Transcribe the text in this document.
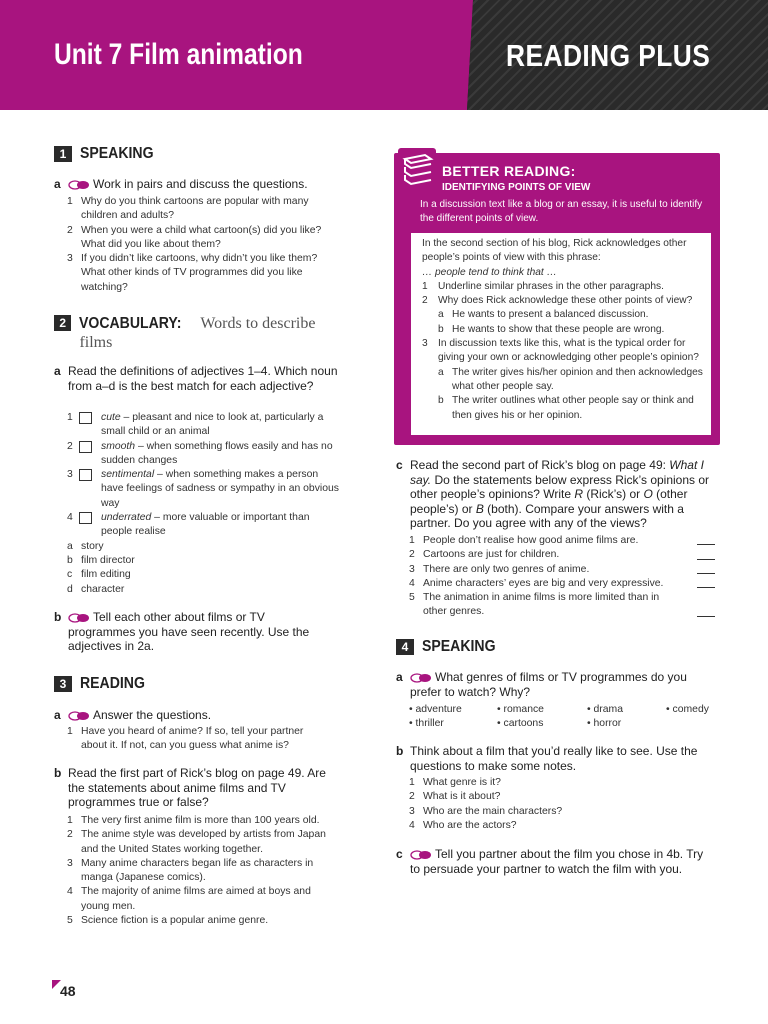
Unit 7 Film animation	READING PLUS
1 SPEAKING
a	Work in pairs and discuss the questions.
1 Why do you think cartoons are popular with many children and adults?
2 When you were a child what cartoon(s) did you like? What did you like about them?
3 If you didn’t like cartoons, why didn’t you like them? What other kinds of TV programmes did you like watching?
2 VOCABULARY: Words to describe films
a Read the definitions of adjectives 1–4. Which noun from a–d is the best match for each adjective?
1	cute – pleasant and nice to look at, particularly a small child or an animal
2	smooth – when something flows easily and has no sudden changes
3	sentimental – when something makes a person have feelings of sadness or sympathy in an obvious way
4	underrated – more valuable or important than people realise
a story
b film director
c film editing
d character
b	Tell each other about films or TV programmes you have seen recently. Use the adjectives in 2a.
3 READING
a	Answer the questions.
1 Have you heard of anime? If so, tell your partner about it. If not, can you guess what anime is?
b Read the first part of Rick’s blog on page 49. Are the statements about anime films and TV programmes true or false?
1 The very first anime film is more than 100 years old.
2 The anime style was developed by artists from Japan and the United States working together.
3 Many anime characters began life as characters in manga (Japanese comics).
4 The majority of anime films are aimed at boys and young men.
5 Science fiction is a popular anime genre.
BETTER READING:
IDENTIFYING POINTS OF VIEW
In a discussion text like a blog or an essay, it is useful to identify the different points of view.
In the second section of his blog, Rick acknowledges other people’s points of view with this phrase:
… people tend to think that …
1 Underline similar phrases in the other paragraphs.
2 Why does Rick acknowledge these other points of view?
a He wants to present a balanced discussion.
b He wants to show that these people are wrong.
3 In discussion texts like this, what is the typical order for giving your own or acknowledging other people’s opinion?
a The writer gives his/her opinion and then acknowledges what other people say.
b The writer outlines what other people say or think and then gives his or her opinion.
c Read the second part of Rick’s blog on page 49: What I say. Do the statements below express Rick’s opinions or other people’s opinions? Write R (Rick’s) or O (other people’s) or B (both). Compare your answers with a partner. Do you agree with any of the views?
1 People don’t realise how good anime films are.
2 Cartoons are just for children.
3 There are only two genres of anime.
4 Anime characters’ eyes are big and very expressive.
5 The animation in anime films is more limited than in other genres.
4 SPEAKING
a	What genres of films or TV programmes do you prefer to watch? Why?
• adventure	• romance	• drama	• comedy
• thriller	• cartoons	• horror
b Think about a film that you’d really like to see. Use the questions to make some notes.
1 What genre is it?
2 What is it about?
3 Who are the main characters?
4 Who are the actors?
c	Tell you partner about the film you chose in 4b. Try to persuade your partner to watch the film with you.
48
